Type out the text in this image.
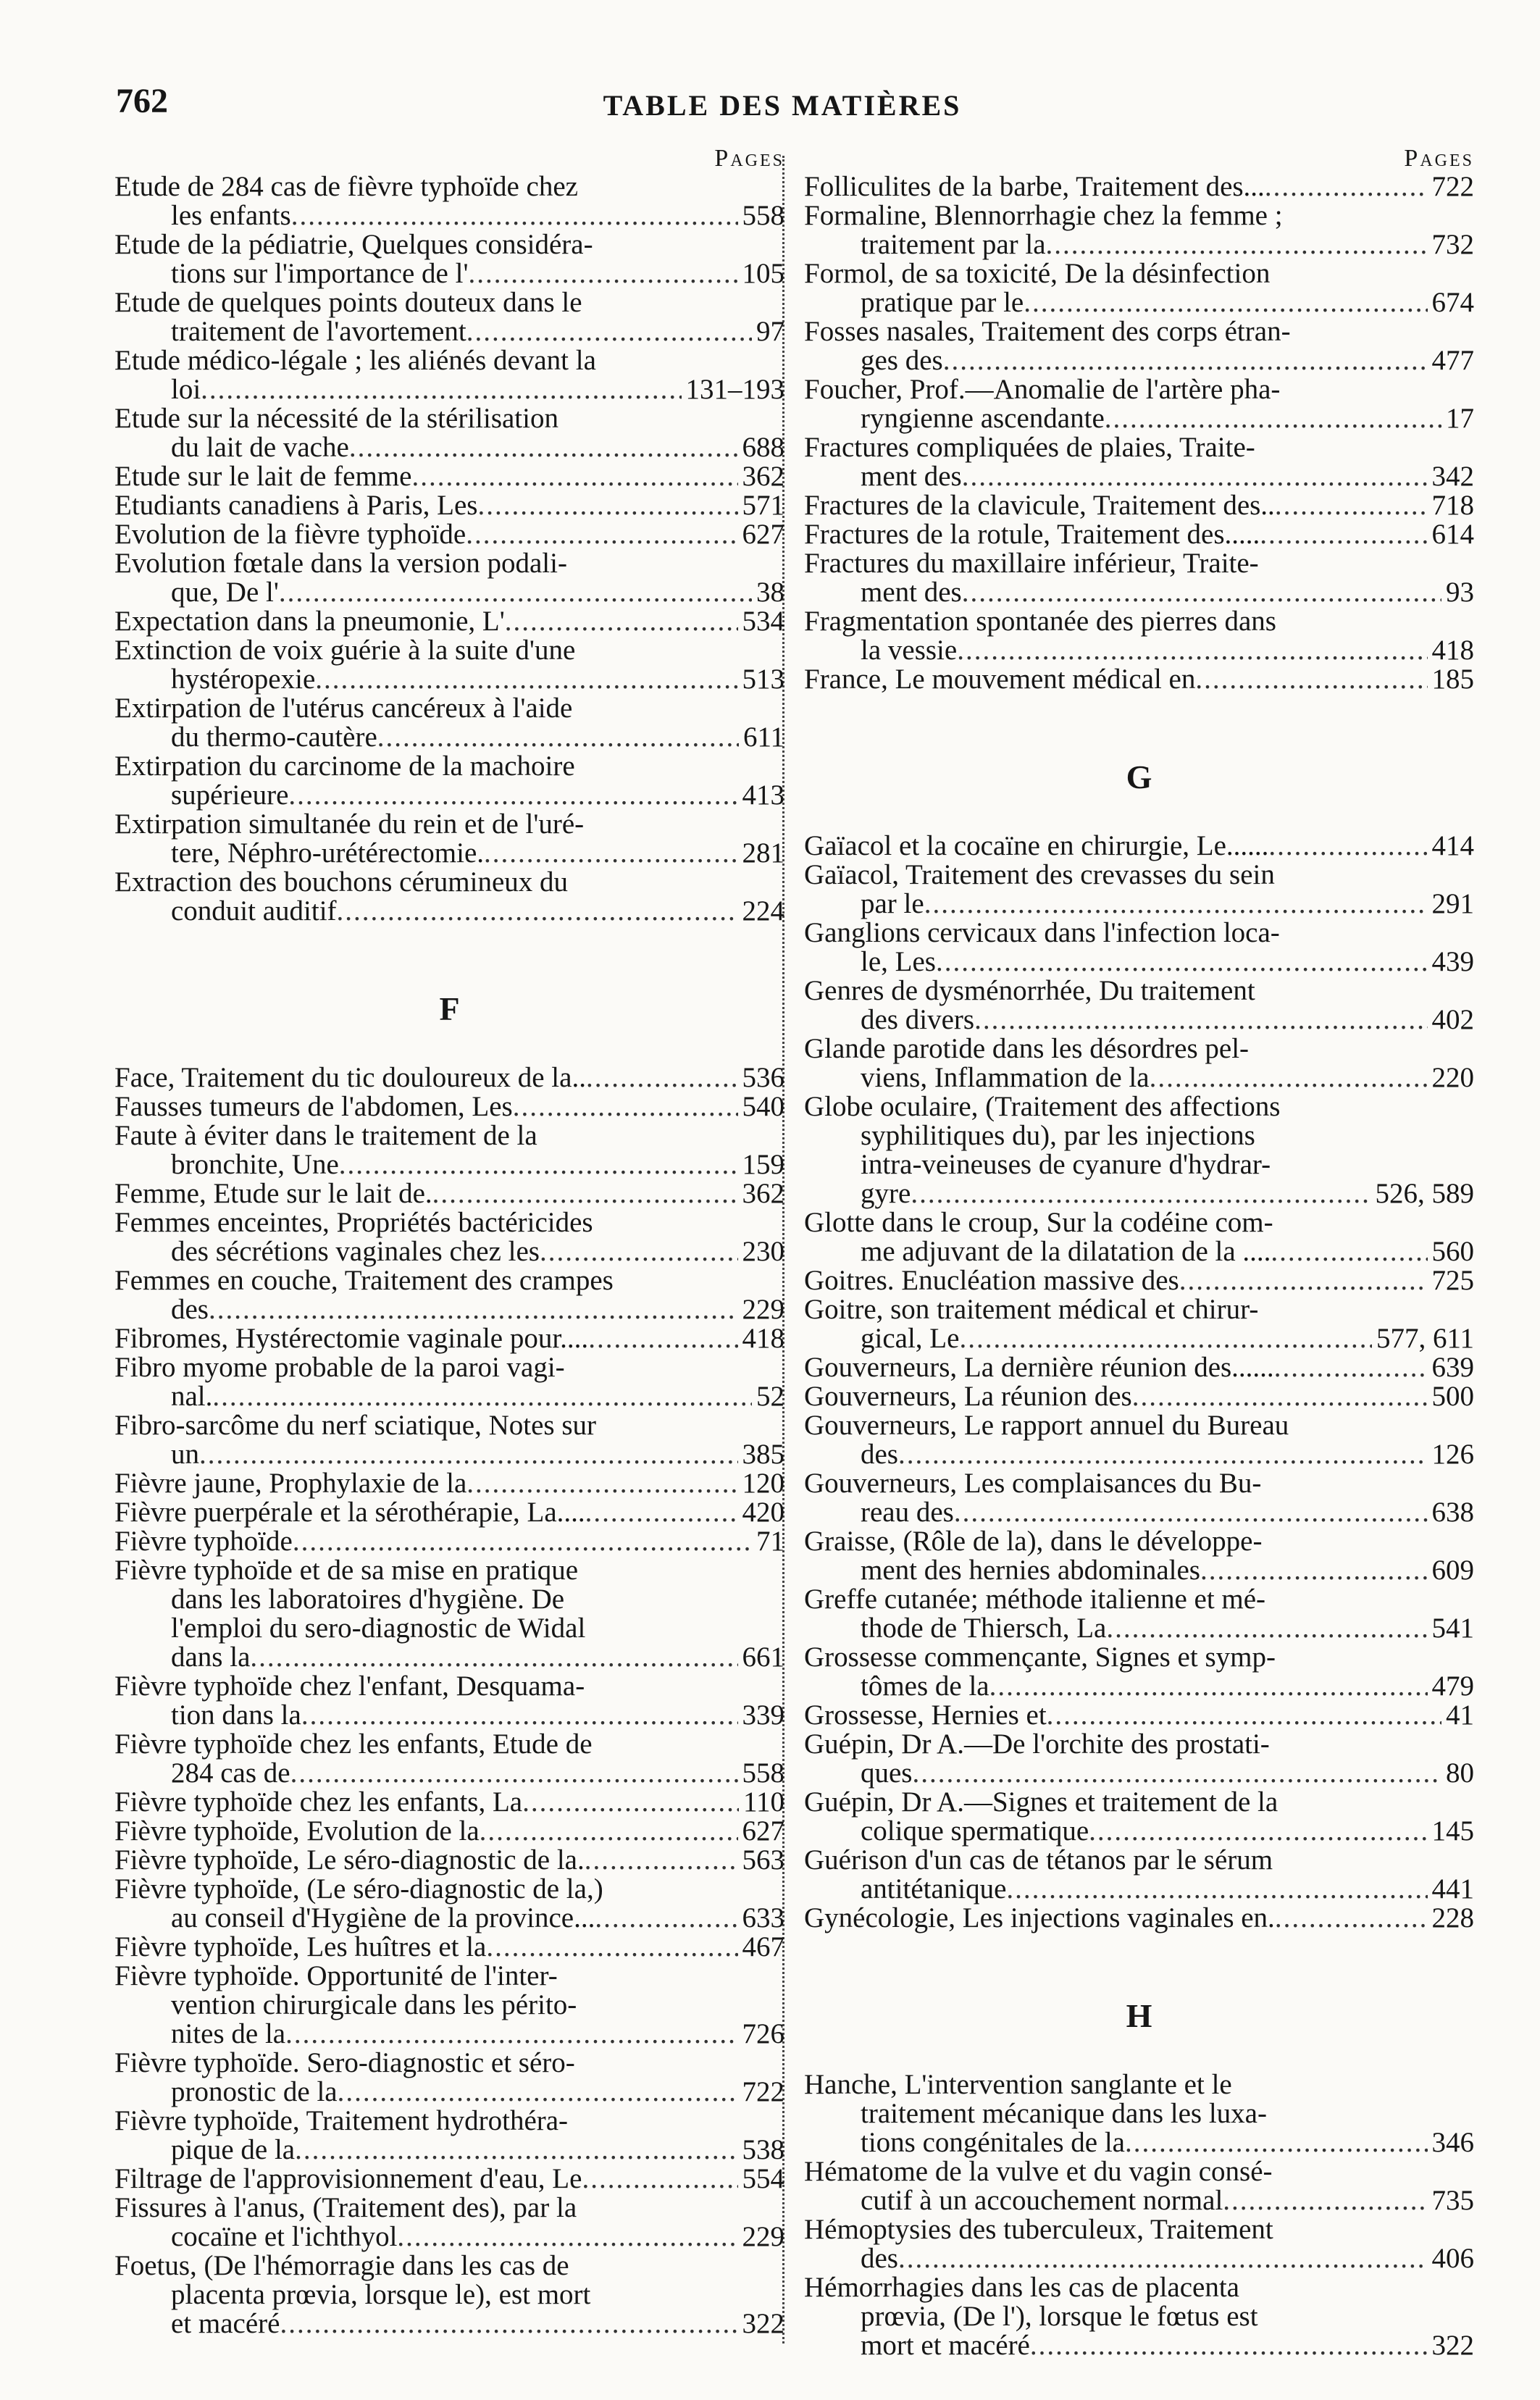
762	TABLE DES MATIÈRES
Pages
Etude de 284 cas de fièvre typhoïde chez
les enfants .....	558
Etude de la pédiatrie, Quelques considéra-
tions sur l'importance de l' .....	105
Etude de quelques points douteux dans le
traitement de l'avortement .....	97
Etude médico-légale ; les aliénés devant la
loi .....	131–193
Etude sur la nécessité de la stérilisation
du lait de vache .....	688
Etude sur le lait de femme .....	362
Etudiants canadiens à Paris, Les .....	571
Evolution de la fièvre typhoïde .....	627
Evolution fœtale dans la version podali-
que, De l' .....	38
Expectation dans la pneumonie, L' .....	534
Extinction de voix guérie à la suite d'une
hystéropexie .....	513
Extirpation de l'utérus cancéreux à l'aide
du thermo-cautère .....	611
Extirpation du carcinome de la machoire
supérieure .....	413
Extirpation simultanée du rein et de l'uré-
tere, Néphro-urétérectomie. .....	281
Extraction des bouchons cérumineux du
conduit auditif .....	224
F
Face, Traitement du tic douloureux de la.. .....	536
Fausses tumeurs de l'abdomen, Les .....	540
Faute à éviter dans le traitement de la
bronchite, Une .....	159
Femme, Etude sur le lait de. .....	362
Femmes enceintes, Propriétés bactéricides
des sécrétions vaginales chez les .....	230
Femmes en couche, Traitement des crampes
des .....	229
Fibromes, Hystérectomie vaginale pour.... .....	418
Fibro myome probable de la paroi vagi-
nal. .....	52
Fibro-sarcôme du nerf sciatique, Notes sur
un .....	385
Fièvre jaune, Prophylaxie de la .....	120
Fièvre puerpérale et la sérothérapie, La.... .....	420
Fièvre typhoïde .....	71
Fièvre typhoïde et de sa mise en pratique
dans les laboratoires d'hygiène. De
l'emploi du sero-diagnostic de Widal
dans la .....	661
Fièvre typhoïde chez l'enfant, Desquama-
tion dans la .....	339
Fièvre typhoïde chez les enfants, Etude de
284 cas de .....	558
Fièvre typhoïde chez les enfants, La .....	110
Fièvre typhoïde, Evolution de la .....	627
Fièvre typhoïde, Le séro-diagnostic de la. .....	563
Fièvre typhoïde, (Le séro-diagnostic de la,)
au conseil d'Hygiène de la province... .....	633
Fièvre typhoïde, Les huîtres et la .....	467
Fièvre typhoïde. Opportunité de l'inter-
vention chirurgicale dans les périto-
nites de la .....	726
Fièvre typhoïde. Sero-diagnostic et séro-
pronostic de la .....	722
Fièvre typhoïde, Traitement hydrothéra-
pique de la .....	538
Filtrage de l'approvisionnement d'eau, Le .....	554
Fissures à l'anus, (Traitement des), par la
cocaïne et l'ichthyol .....	229
Foetus, (De l'hémorragie dans les cas de
placenta prœvia, lorsque le), est mort
et macéré .....	322
Pages
Folliculites de la barbe, Traitement des... .....	722
Formaline, Blennorrhagie chez la femme ;
traitement par la .....	732
Formol, de sa toxicité, De la désinfection
pratique par le .....	674
Fosses nasales, Traitement des corps étran-
ges des .....	477
Foucher, Prof.—Anomalie de l'artère pha-
ryngienne ascendante .....	17
Fractures compliquées de plaies, Traite-
ment des .....	342
Fractures de la clavicule, Traitement des.. .....	718
Fractures de la rotule, Traitement des..... .....	614
Fractures du maxillaire inférieur, Traite-
ment des .....	93
Fragmentation spontanée des pierres dans
la vessie .....	418
France, Le mouvement médical en .....	185
G
Gaïacol et la cocaïne en chirurgie, Le...... .....	414
Gaïacol, Traitement des crevasses du sein
par le .....	291
Ganglions cervicaux dans l'infection loca-
le, Les .....	439
Genres de dysménorrhée, Du traitement
des divers .....	402
Glande parotide dans les désordres pel-
viens, Inflammation de la .....	220
Globe oculaire, (Traitement des affections
syphilitiques du), par les injections
intra-veineuses de cyanure d'hydrar-
gyre .....	526, 589
Glotte dans le croup, Sur la codéine com-
me adjuvant de la dilatation de la .... .....	560
Goitres. Enucléation massive des .....	725
Goitre, son traitement médical et chirur-
gical, Le .....	577, 611
Gouverneurs, La dernière réunion des...... .....	639
Gouverneurs, La réunion des .....	500
Gouverneurs, Le rapport annuel du Bureau
des .....	126
Gouverneurs, Les complaisances du Bu-
reau des .....	638
Graisse, (Rôle de la), dans le développe-
ment des hernies abdominales .....	609
Greffe cutanée; méthode italienne et mé-
thode de Thiersch, La .....	541
Grossesse commençante, Signes et symp-
tômes de la .....	479
Grossesse, Hernies et .....	41
Guépin, Dr A.—De l'orchite des prostati-
ques .....	80
Guépin, Dr A.—Signes et traitement de la
colique spermatique .....	145
Guérison d'un cas de tétanos par le sérum
antitétanique .....	441
Gynécologie, Les injections vaginales en. .....	228
H
Hanche, L'intervention sanglante et le
traitement mécanique dans les luxa-
tions congénitales de la .....	346
Hématome de la vulve et du vagin consé-
cutif à un accouchement normal .....	735
Hémoptysies des tuberculeux, Traitement
des .....	406
Hémorrhagies dans les cas de placenta
prœvia, (De l'), lorsque le fœtus est
mort et macéré .....	322
